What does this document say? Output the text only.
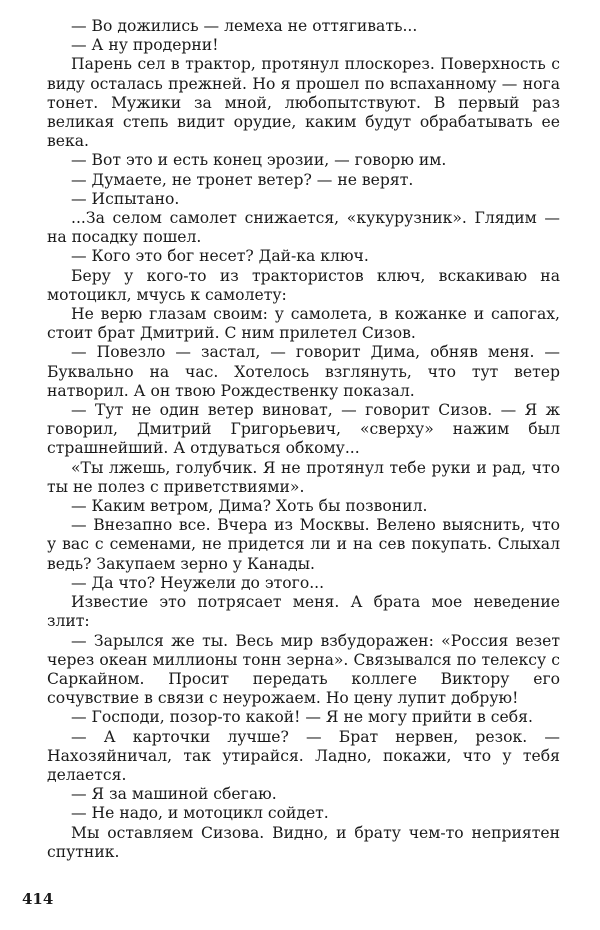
— Во дожились — лемеха не оттягивать...

— А ну продерни!

Парень сел в трактор, протянул плоскорез. Поверхность с виду осталась прежней. Но я прошел по вспаханному — нога тонет. Мужики за мной, любопытствуют. В первый раз великая степь видит орудие, каким будут обрабатывать ее века.

— Вот это и есть конец эрозии, — говорю им.

— Думаете, не тронет ветер? — не верят.

— Испытано.

...За селом самолет снижается, «кукурузник». Глядим — на посадку пошел.

— Кого это бог несет? Дай-ка ключ.

Беру у кого-то из трактористов ключ, вскакиваю на мотоцикл, мчусь к самолету:

Не верю глазам своим: у самолета, в кожанке и сапогах, стоит брат Дмитрий. С ним прилетел Сизов.

— Повезло — застал, — говорит Дима, обняв меня. — Буквально на час. Хотелось взглянуть, что тут ветер натворил. А он твою Рождественку показал.

— Тут не один ветер виноват, — говорит Сизов. — Я ж говорил, Дмитрий Григорьевич, «сверху» нажим был страшнейший. А отдуваться обкому...

«Ты лжешь, голубчик. Я не протянул тебе руки и рад, что ты не полез с приветствиями».

— Каким ветром, Дима? Хоть бы позвонил.

— Внезапно все. Вчера из Москвы. Велено выяснить, что у вас с семенами, не придется ли и на сев покупать. Слыхал ведь? Закупаем зерно у Канады.

— Да что? Неужели до этого...

Известие это потрясает меня. А брата мое неведение злит:

— Зарылся же ты. Весь мир взбудоражен: «Россия везет через океан миллионы тонн зерна». Связывался по телексу с Саркайном. Просит передать коллеге Виктору его сочувствие в связи с неурожаем. Но цену лупит добрую!

— Господи, позор-то какой! — Я не могу прийти в себя.

— А карточки лучше? — Брат нервен, резок. — Нахозяйничал, так утирайся. Ладно, покажи, что у тебя делается.

— Я за машиной сбегаю.

— Не надо, и мотоцикл сойдет.

Мы оставляем Сизова. Видно, и брату чем-то неприятен спутник.

414
